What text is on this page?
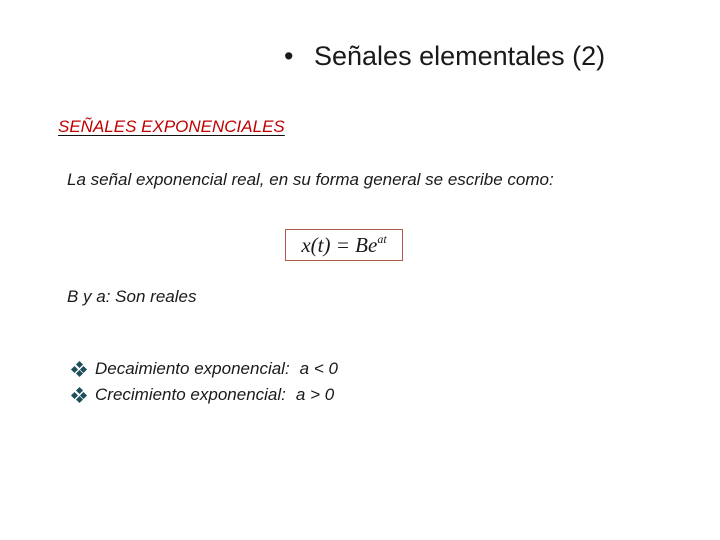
• Señales elementales (2)
SEÑALES EXPONENCIALES
La señal exponencial real, en su forma general se escribe como:
$x(t) = Be^{at}$
B y a: Son reales
Decaimiento exponencial: a < 0
Crecimiento exponencial: a > 0
